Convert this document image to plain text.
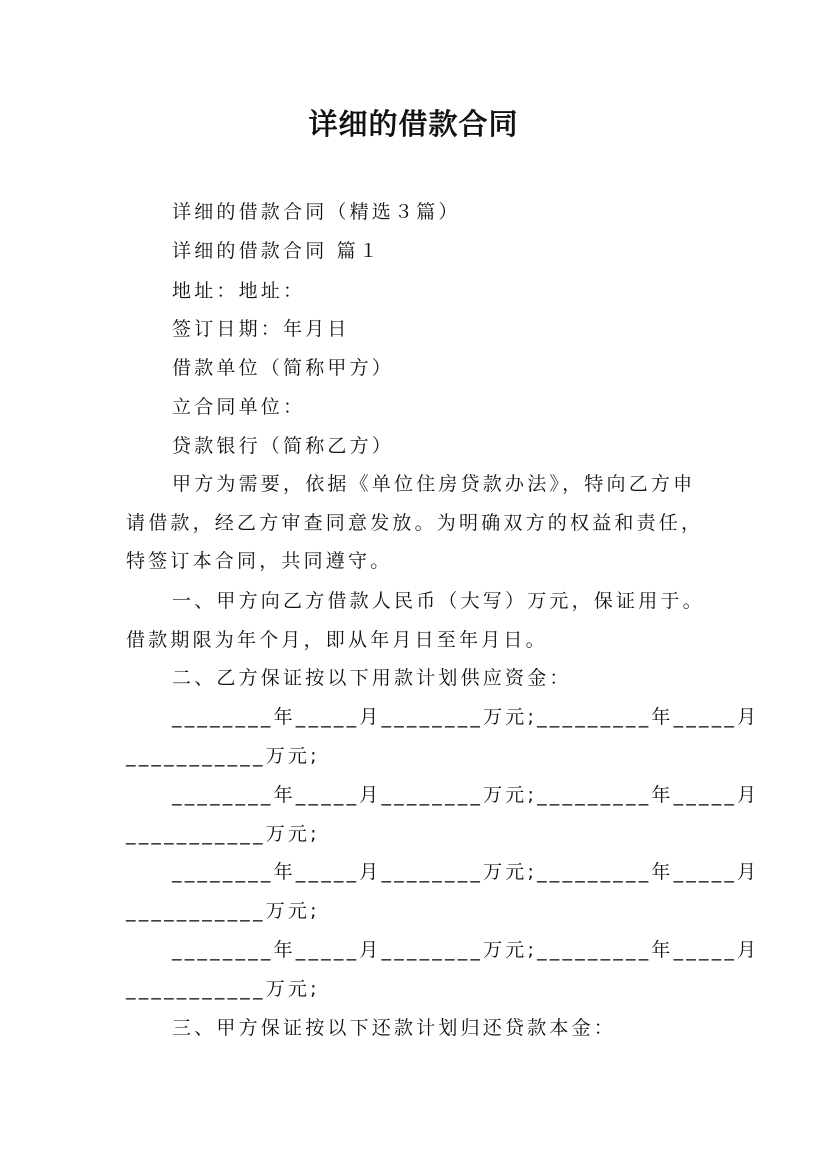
详细的借款合同
详细的借款合同（精选３篇）
详细的借款合同 篇１
地址：地址：
签订日期：年月日
借款单位（简称甲方）
立合同单位：
贷款银行（简称乙方）
甲方为需要，依据《单位住房贷款办法》，特向乙方申
请借款，经乙方审查同意发放。为明确双方的权益和责任，
特签订本合同，共同遵守。
一、甲方向乙方借款人民币（大写）万元，保证用于。
借款期限为年个月，即从年月日至年月日。
二、乙方保证按以下用款计划供应资金：
________年_____月________万元;_________年_____月
___________万元;
________年_____月________万元;_________年_____月
___________万元;
________年_____月________万元;_________年_____月
___________万元;
________年_____月________万元;_________年_____月
___________万元;
三、甲方保证按以下还款计划归还贷款本金：
